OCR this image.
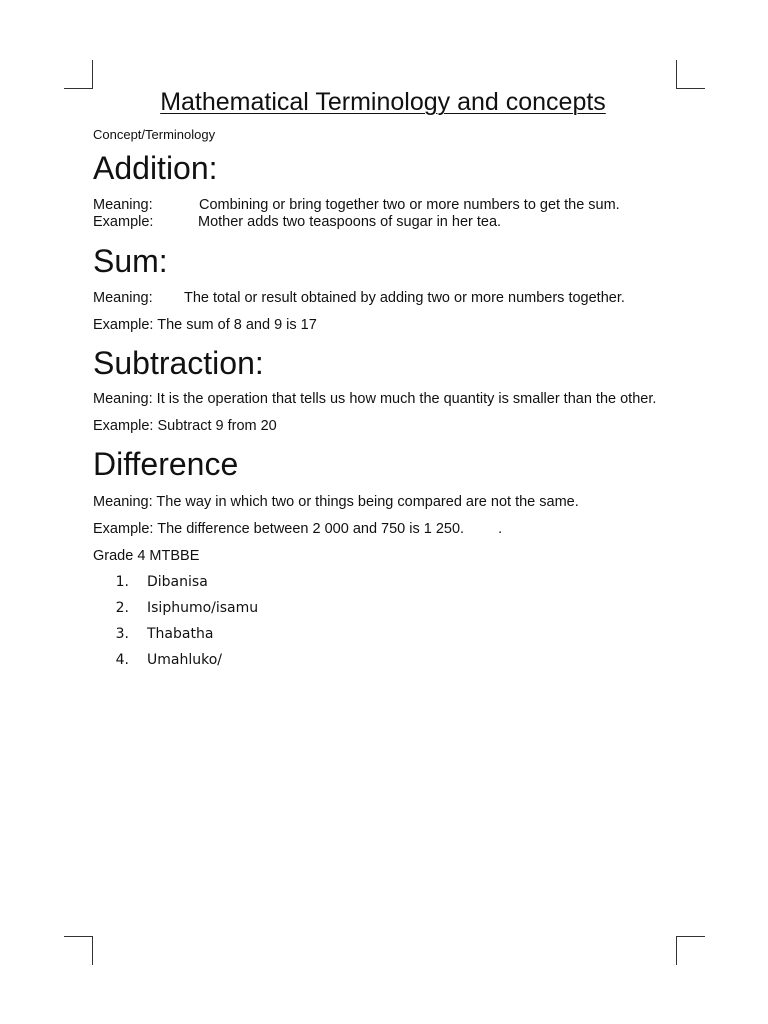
Mathematical Terminology and concepts
Concept/Terminology
Addition:
Meaning:	Combining or bring together two or more numbers to get the sum.
Example:	Mother adds two teaspoons of sugar in her tea.
Sum:
Meaning:	The total or result obtained by adding two or more numbers together.

Example: The sum of 8 and 9 is 17

Subtraction:

Meaning: It is the operation that tells us how much the quantity is smaller than the other.

Example: Subtract 9 from 20

Difference

Meaning: The way in which two or things being compared are not the same.

Example: The difference between 2 000 and 750 is 1 250. .

Grade 4 MTBBE

1.	Dibanisa
2.	Isiphumo/isamu
3.	Thabatha
4.	Umahluko/
